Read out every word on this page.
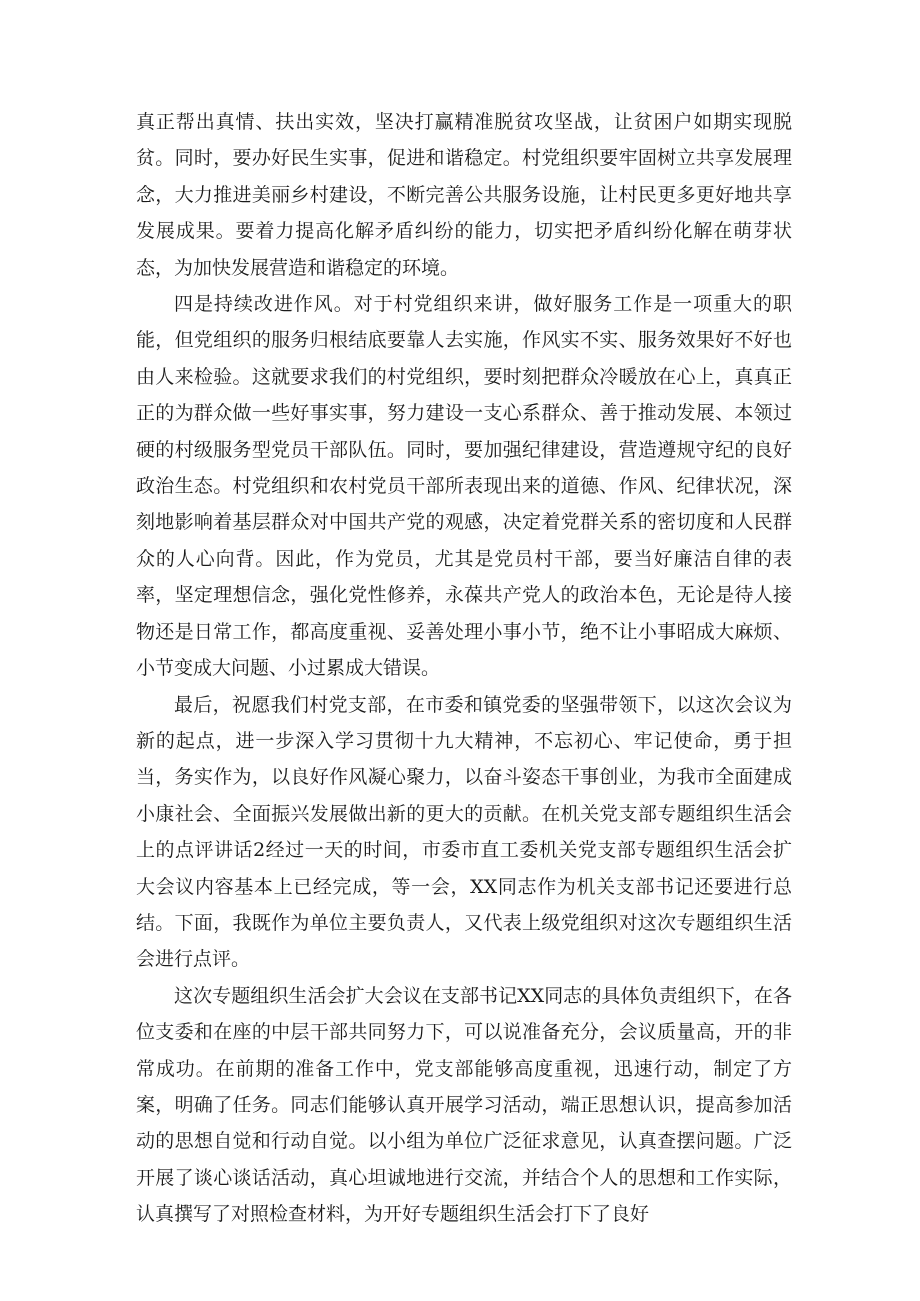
真正帮出真情、扶出实效，坚决打赢精准脱贫攻坚战，让贫困户如期实现脱贫。同时，要办好民生实事，促进和谐稳定。村党组织要牢固树立共享发展理念，大力推进美丽乡村建设，不断完善公共服务设施，让村民更多更好地共享发展成果。要着力提高化解矛盾纠纷的能力，切实把矛盾纠纷化解在萌芽状态，为加快发展营造和谐稳定的环境。

四是持续改进作风。对于村党组织来讲，做好服务工作是一项重大的职能，但党组织的服务归根结底要靠人去实施，作风实不实、服务效果好不好也由人来检验。这就要求我们的村党组织，要时刻把群众冷暖放在心上，真真正正的为群众做一些好事实事，努力建设一支心系群众、善于推动发展、本领过硬的村级服务型党员干部队伍。同时，要加强纪律建设，营造遵规守纪的良好政治生态。村党组织和农村党员干部所表现出来的道德、作风、纪律状况，深刻地影响着基层群众对中国共产党的观感，决定着党群关系的密切度和人民群众的人心向背。因此，作为党员，尤其是党员村干部，要当好廉洁自律的表率，坚定理想信念，强化党性修养，永葆共产党人的政治本色，无论是待人接物还是日常工作，都高度重视、妥善处理小事小节，绝不让小事昭成大麻烦、小节变成大问题、小过累成大错误。

最后，祝愿我们村党支部，在市委和镇党委的坚强带领下，以这次会议为新的起点，进一步深入学习贯彻十九大精神，不忘初心、牢记使命，勇于担当，务实作为，以良好作风凝心聚力，以奋斗姿态干事创业，为我市全面建成小康社会、全面振兴发展做出新的更大的贡献。在机关党支部专题组织生活会上的点评讲话2经过一天的时间，市委市直工委机关党支部专题组织生活会扩大会议内容基本上已经完成，等一会，XX同志作为机关支部书记还要进行总结。下面，我既作为单位主要负责人，又代表上级党组织对这次专题组织生活会进行点评。

这次专题组织生活会扩大会议在支部书记XX同志的具体负责组织下，在各位支委和在座的中层干部共同努力下，可以说准备充分，会议质量高，开的非常成功。在前期的准备工作中，党支部能够高度重视，迅速行动，制定了方案，明确了任务。同志们能够认真开展学习活动，端正思想认识，提高参加活动的思想自觉和行动自觉。以小组为单位广泛征求意见，认真查摆问题。广泛开展了谈心谈话活动，真心坦诚地进行交流，并结合个人的思想和工作实际，认真撰写了对照检查材料，为开好专题组织生活会打下了良好
